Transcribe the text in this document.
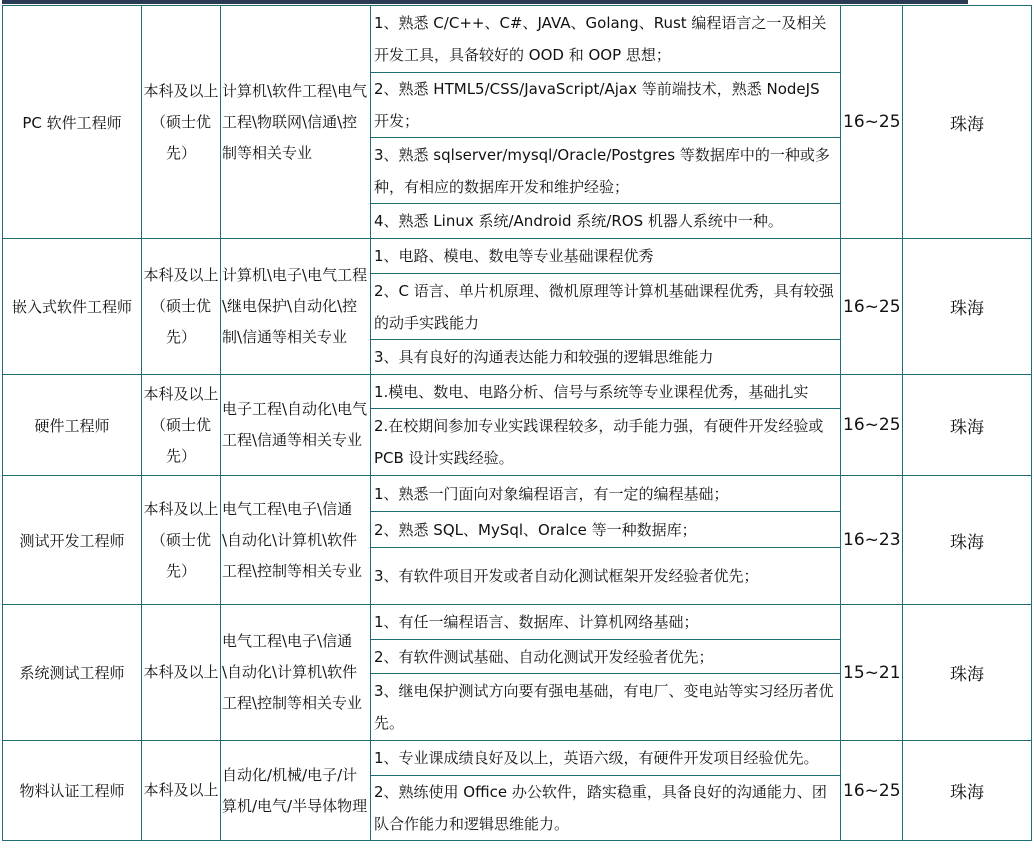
PC 软件工程师	本科及以上（硕士优先）	计算机\软件工程\电气工程\物联网\信通\控制等相关专业	1、熟悉 C/C++、C#、JAVA、Golang、Rust 编程语言之一及相关开发工具，具备较好的 OOD 和 OOP 思想；	16~25	珠海
			2、熟悉 HTML5/CSS/JavaScript/Ajax 等前端技术，熟悉 NodeJS 开发；		
			3、熟悉 sqlserver/mysql/Oracle/Postgres 等数据库中的一种或多种，有相应的数据库开发和维护经验；		
			4、熟悉 Linux 系统/Android 系统/ROS 机器人系统中一种。		
嵌入式软件工程师	本科及以上（硕士优先）	计算机\电子\电气工程\继电保护\自动化\控制\信通等相关专业	1、电路、模电、数电等专业基础课程优秀	16~25	珠海
			2、C 语言、单片机原理、微机原理等计算机基础课程优秀，具有较强的动手实践能力		
			3、具有良好的沟通表达能力和较强的逻辑思维能力		
硬件工程师	本科及以上（硕士优先）	电子工程\自动化\电气工程\信通等相关专业	1.模电、数电、电路分析、信号与系统等专业课程优秀，基础扎实	16~25	珠海
			2.在校期间参加专业实践课程较多，动手能力强，有硬件开发经验或 PCB 设计实践经验。		
测试开发工程师	本科及以上（硕士优先）	电气工程\电子\信通\自动化\计算机\软件工程\控制等相关专业	1、熟悉一门面向对象编程语言，有一定的编程基础；	16~23	珠海
			2、熟悉 SQL、MySql、Oralce 等一种数据库；		
			3、有软件项目开发或者自动化测试框架开发经验者优先；		
系统测试工程师	本科及以上	电气工程\电子\信通\自动化\计算机\软件工程\控制等相关专业	1、有任一编程语言、数据库、计算机网络基础；	15~21	珠海
			2、有软件测试基础、自动化测试开发经验者优先；		
			3、继电保护测试方向要有强电基础，有电厂、变电站等实习经历者优先。		
物料认证工程师	本科及以上	自动化/机械/电子/计算机/电气/半导体物理	1、专业课成绩良好及以上，英语六级，有硬件开发项目经验优先。	16~25	珠海
			2、熟练使用 Office 办公软件，踏实稳重，具备良好的沟通能力、团队合作能力和逻辑思维能力。		
